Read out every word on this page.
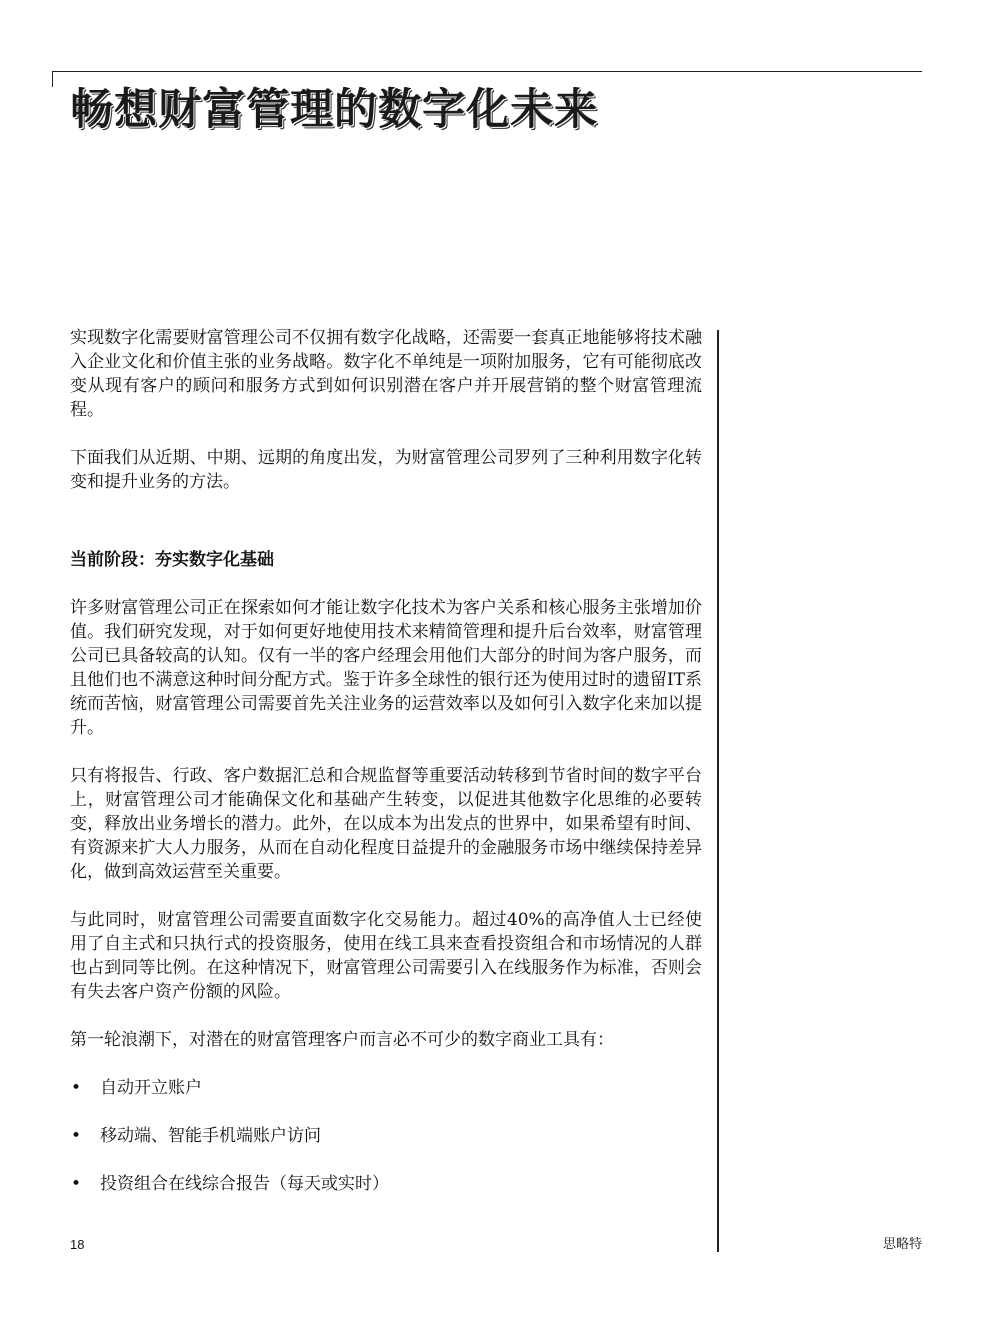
畅想财富管理的数字化未来

实现数字化需要财富管理公司不仅拥有数字化战略，还需要一套真正地能够将技术融入企业文化和价值主张的业务战略。数字化不单纯是一项附加服务，它有可能彻底改变从现有客户的顾问和服务方式到如何识别潜在客户并开展营销的整个财富管理流程。

下面我们从近期、中期、远期的角度出发，为财富管理公司罗列了三种利用数字化转变和提升业务的方法。

当前阶段：夯实数字化基础

许多财富管理公司正在探索如何才能让数字化技术为客户关系和核心服务主张增加价值。我们研究发现，对于如何更好地使用技术来精简管理和提升后台效率，财富管理公司已具备较高的认知。仅有一半的客户经理会用他们大部分的时间为客户服务，而且他们也不满意这种时间分配方式。鉴于许多全球性的银行还为使用过时的遗留IT系统而苦恼，财富管理公司需要首先关注业务的运营效率以及如何引入数字化来加以提升。

只有将报告、行政、客户数据汇总和合规监督等重要活动转移到节省时间的数字平台上，财富管理公司才能确保文化和基础产生转变，以促进其他数字化思维的必要转变，释放出业务增长的潜力。此外，在以成本为出发点的世界中，如果希望有时间、有资源来扩大人力服务，从而在自动化程度日益提升的金融服务市场中继续保持差异化，做到高效运营至关重要。

与此同时，财富管理公司需要直面数字化交易能力。超过40%的高净值人士已经使用了自主式和只执行式的投资服务，使用在线工具来查看投资组合和市场情况的人群也占到同等比例。在这种情况下，财富管理公司需要引入在线服务作为标准，否则会有失去客户资产份额的风险。

第一轮浪潮下，对潜在的财富管理客户而言必不可少的数字商业工具有：

• 自动开立账户
• 移动端、智能手机端账户访问
• 投资组合在线综合报告（每天或实时）
18	思略特
